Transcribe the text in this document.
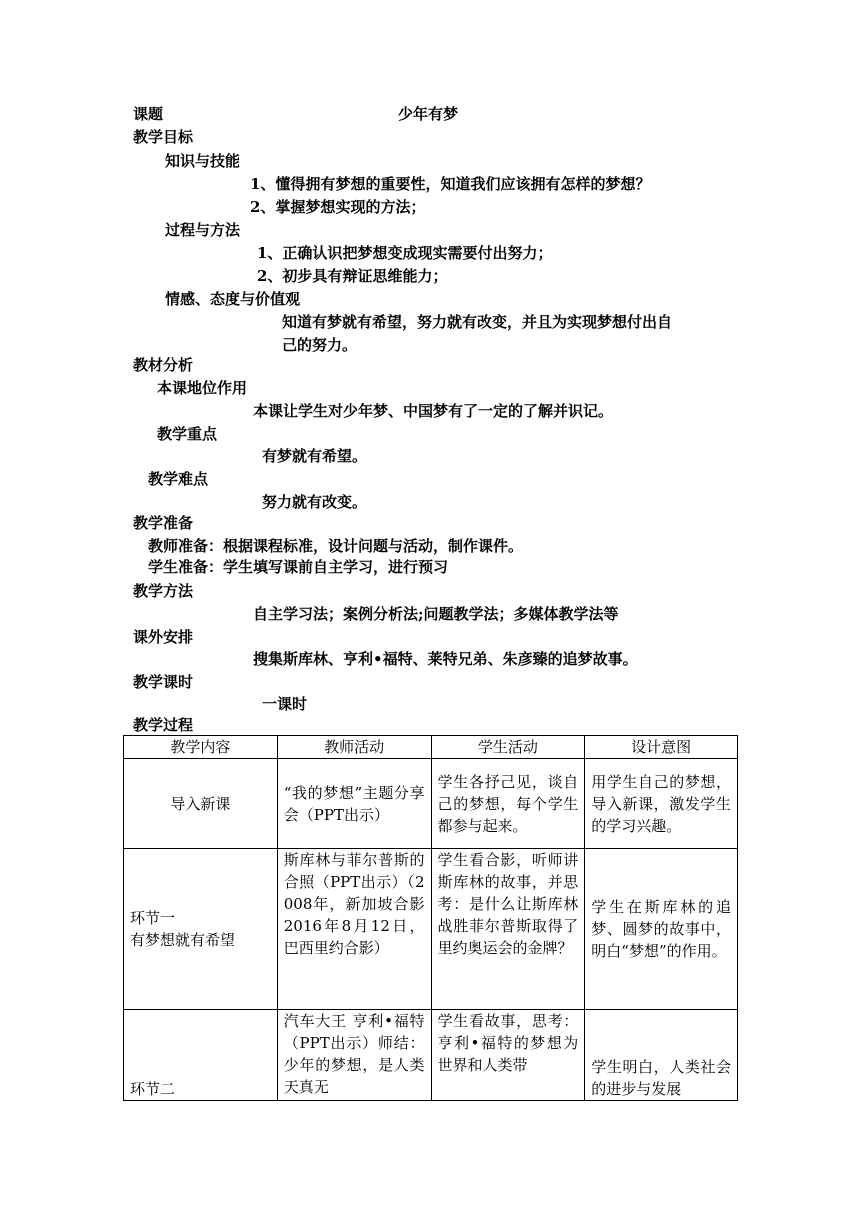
课题	少年有梦
教学目标
知识与技能
1、懂得拥有梦想的重要性，知道我们应该拥有怎样的梦想？
2、掌握梦想实现的方法；
过程与方法
1、正确认识把梦想变成现实需要付出努力；
2、初步具有辩证思维能力；
情感、态度与价值观
知道有梦就有希望，努力就有改变，并且为实现梦想付出自
己的努力。
教材分析
本课地位作用
本课让学生对少年梦、中国梦有了一定的了解并识记。
教学重点
有梦就有希望。
教学难点
努力就有改变。
教学准备
教师准备：根据课程标准，设计问题与活动，制作课件。
学生准备：学生填写课前自主学习，进行预习
教学方法
自主学习法；案例分析法;问题教学法；多媒体教学法等
课外安排
搜集斯库林、亨利•福特、莱特兄弟、朱彦臻的追梦故事。
教学课时
一课时
教学过程
教学内容	教师活动	学生活动	设计意图
导入新课	“我的梦想”主题分享会（PPT出示）	学生各抒己见，谈自己的梦想，每个学生都参与起来。	用学生自己的梦想，导入新课，激发学生的学习兴趣。

环节一
有梦想就有希望	斯库林与菲尔普斯的合照（PPT出示）（2008年，新加坡合影2016年8月12日，巴西里约合影）	学生看合影，听师讲斯库林的故事，并思考：是什么让斯库林战胜菲尔普斯取得了里约奥运会的金牌？	学生在斯库林的追梦、圆梦的故事中，明白“梦想”的作用。
环节二	汽车大王 亨利•福特（PPT出示）师结：少年的梦想，是人类天真无	学生看故事，思考：亨利•福特的梦想为世界和人类带	学生明白，人类社会的进步与发展
